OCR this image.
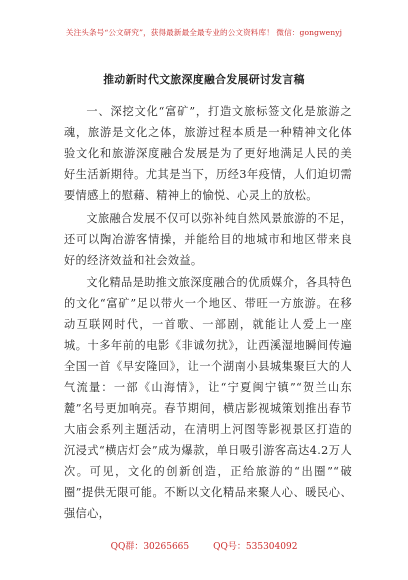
关注头条号“公文研究”，获得最新最全最专业的公文资料库！ 微信：gongwenyj
推动新时代文旅深度融合发展研讨发言稿

一、深挖文化“富矿”，打造文旅标签文化是旅游之魂，旅游是文化之体，旅游过程本质是一种精神文化体验文化和旅游深度融合发展是为了更好地满足人民的美好生活新期待。尤其是当下，历经3年疫情，人们迫切需要情感上的慰藉、精神上的愉悦、心灵上的放松。

文旅融合发展不仅可以弥补纯自然风景旅游的不足，还可以陶冶游客情操，并能给目的地城市和地区带来良好的经济效益和社会效益。

文化精品是助推文旅深度融合的优质媒介，各具特色的文化“富矿”足以带火一个地区、带旺一方旅游。在移动互联网时代，一首歌、一部剧，就能让人爱上一座城。十多年前的电影《非诚勿扰》，让西溪湿地瞬间传遍全国一首《早安隆回》，让一个湖南小县城集聚巨大的人气流量：一部《山海情》，让“宁夏闽宁镇”“贺兰山东麓”名号更加响亮。春节期间，横店影视城策划推出春节大庙会系列主题活动，在清明上河图等影视景区打造的沉浸式“横店灯会”成为爆款，单日吸引游客高达4.2万人次。可见，文化的创新创造，正给旅游的“出圈”“破圈”提供无限可能。不断以文化精品来聚人心、暖民心、强信心，

QQ群：30265665	QQ号：535304092
